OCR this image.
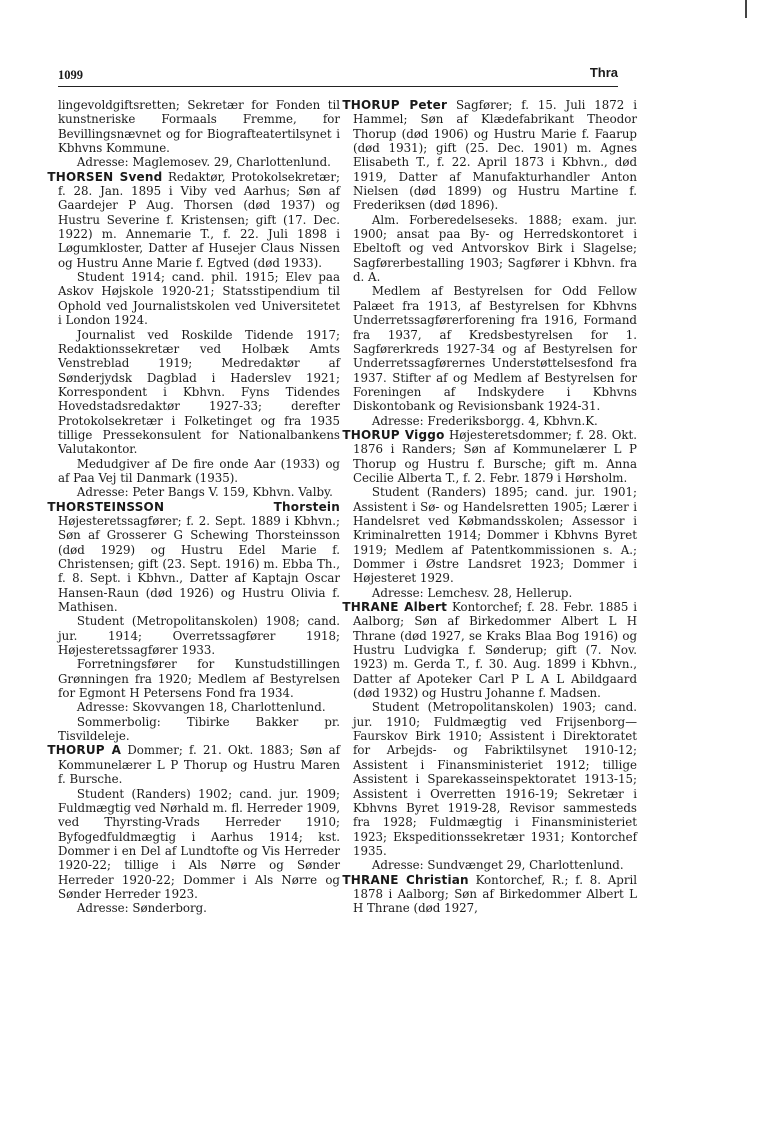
1099	Thra

lingevoldgiftsretten; Sekretær for Fonden til kunstneriske Formaals Fremme, for Bevillingsnævnet og for Biografteatertilsynet i Kbhvns Kommune.

Adresse: Maglemosev. 29, Charlottenlund.

THORSEN Svend Redaktør, Protokolsekretær; f. 28. Jan. 1895 i Viby ved Aarhus; Søn af Gaardejer P Aug. Thorsen (død 1937) og Hustru Severine f. Kristensen; gift (17. Dec. 1922) m. Annemarie T., f. 22. Juli 1898 i Løgumkloster, Datter af Husejer Claus Nissen og Hustru Anne Marie f. Egtved (død 1933).

Student 1914; cand. phil. 1915; Elev paa Askov Højskole 1920-21; Statsstipendium til Ophold ved Journalistskolen ved Universitetet i London 1924.

Journalist ved Roskilde Tidende 1917; Redaktionssekretær ved Holbæk Amts Venstreblad 1919; Medredaktør af Sønderjydsk Dagblad i Haderslev 1921; Korrespondent i Kbhvn. Fyns Tidendes Hovedstadsredaktør 1927-33; derefter Protokolsekretær i Folketinget og fra 1935 tillige Pressekonsulent for Nationalbankens Valutakontor.

Medudgiver af De fire onde Aar (1933) og af Paa Vej til Danmark (1935).

Adresse: Peter Bangs V. 159, Kbhvn. Valby.

THORSTEINSSON Thorstein Højesteretssagfører; f. 2. Sept. 1889 i Kbhvn.; Søn af Grosserer G Schewing Thorsteinsson (død 1929) og Hustru Edel Marie f. Christensen; gift (23. Sept. 1916) m. Ebba Th., f. 8. Sept. i Kbhvn., Datter af Kaptajn Oscar Hansen-Raun (død 1926) og Hustru Olivia f. Mathisen.

Student (Metropolitanskolen) 1908; cand. jur. 1914; Overretssagfører 1918; Højesteretssagfører 1933.

Forretningsfører for Kunstudstillingen Grønningen fra 1920; Medlem af Bestyrelsen for Egmont H Petersens Fond fra 1934.

Adresse: Skovvangen 18, Charlottenlund.

Sommerbolig: Tibirke Bakker pr. Tisvildeleje.

THORUP A Dommer; f. 21. Okt. 1883; Søn af Kommunelærer L P Thorup og Hustru Maren f. Bursche.

Student (Randers) 1902; cand. jur. 1909; Fuldmægtig ved Nørhald m. fl. Herreder 1909, ved Thyrsting-Vrads Herreder 1910; Byfogedfuldmægtig i Aarhus 1914; kst. Dommer i en Del af Lundtofte og Vis Herreder 1920-22; tillige i Als Nørre og Sønder Herreder 1920-22; Dommer i Als Nørre og Sønder Herreder 1923.

Adresse: Sønderborg.

THORUP Peter Sagfører; f. 15. Juli 1872 i Hammel; Søn af Klædefabrikant Theodor Thorup (død 1906) og Hustru Marie f. Faarup (død 1931); gift (25. Dec. 1901) m. Agnes Elisabeth T., f. 22. April 1873 i Kbhvn., død 1919, Datter af Manufakturhandler Anton Nielsen (død 1899) og Hustru Martine f. Frederiksen (død 1896).

Alm. Forberedelseseks. 1888; exam. jur. 1900; ansat paa By- og Herredskontoret i Ebeltoft og ved Antvorskov Birk i Slagelse; Sagførerbestalling 1903; Sagfører i Kbhvn. fra d. A.

Medlem af Bestyrelsen for Odd Fellow Palæet fra 1913, af Bestyrelsen for Kbhvns Underretssagførerforening fra 1916, Formand fra 1937, af Kredsbestyrelsen for 1. Sagførerkreds 1927-34 og af Bestyrelsen for Underretssagførernes Understøttelsesfond fra 1937. Stifter af og Medlem af Bestyrelsen for Foreningen af Indskydere i Kbhvns Diskontobank og Revisionsbank 1924-31.

Adresse: Frederiksborgg. 4, Kbhvn.K.

THORUP Viggo Højesteretsdommer; f. 28. Okt. 1876 i Randers; Søn af Kommunelærer L P Thorup og Hustru f. Bursche; gift m. Anna Cecilie Alberta T., f. 2. Febr. 1879 i Hørsholm.

Student (Randers) 1895; cand. jur. 1901; Assistent i Sø- og Handelsretten 1905; Lærer i Handelsret ved Købmandsskolen; Assessor i Kriminalretten 1914; Dommer i Kbhvns Byret 1919; Medlem af Patentkommissionen s. A.; Dommer i Østre Landsret 1923; Dommer i Højesteret 1929.

Adresse: Lemchesv. 28, Hellerup.

THRANE Albert Kontorchef; f. 28. Febr. 1885 i Aalborg; Søn af Birkedommer Albert L H Thrane (død 1927, se Kraks Blaa Bog 1916) og Hustru Ludvigka f. Sønderup; gift (7. Nov. 1923) m. Gerda T., f. 30. Aug. 1899 i Kbhvn., Datter af Apoteker Carl P L A L Abildgaard (død 1932) og Hustru Johanne f. Madsen.

Student (Metropolitanskolen) 1903; cand. jur. 1910; Fuldmægtig ved Frijsenborg—Faurskov Birk 1910; Assistent i Direktoratet for Arbejds- og Fabriktilsynet 1910-12; Assistent i Finansministeriet 1912; tillige Assistent i Sparekasseinspektoratet 1913-15; Assistent i Overretten 1916-19; Sekretær i Kbhvns Byret 1919-28, Revisor sammesteds fra 1928; Fuldmægtig i Finansministeriet 1923; Ekspeditionssekretær 1931; Kontorchef 1935.

Adresse: Sundvænget 29, Charlottenlund.

THRANE Christian Kontorchef, R.; f. 8. April 1878 i Aalborg; Søn af Birkedommer Albert L H Thrane (død 1927,
